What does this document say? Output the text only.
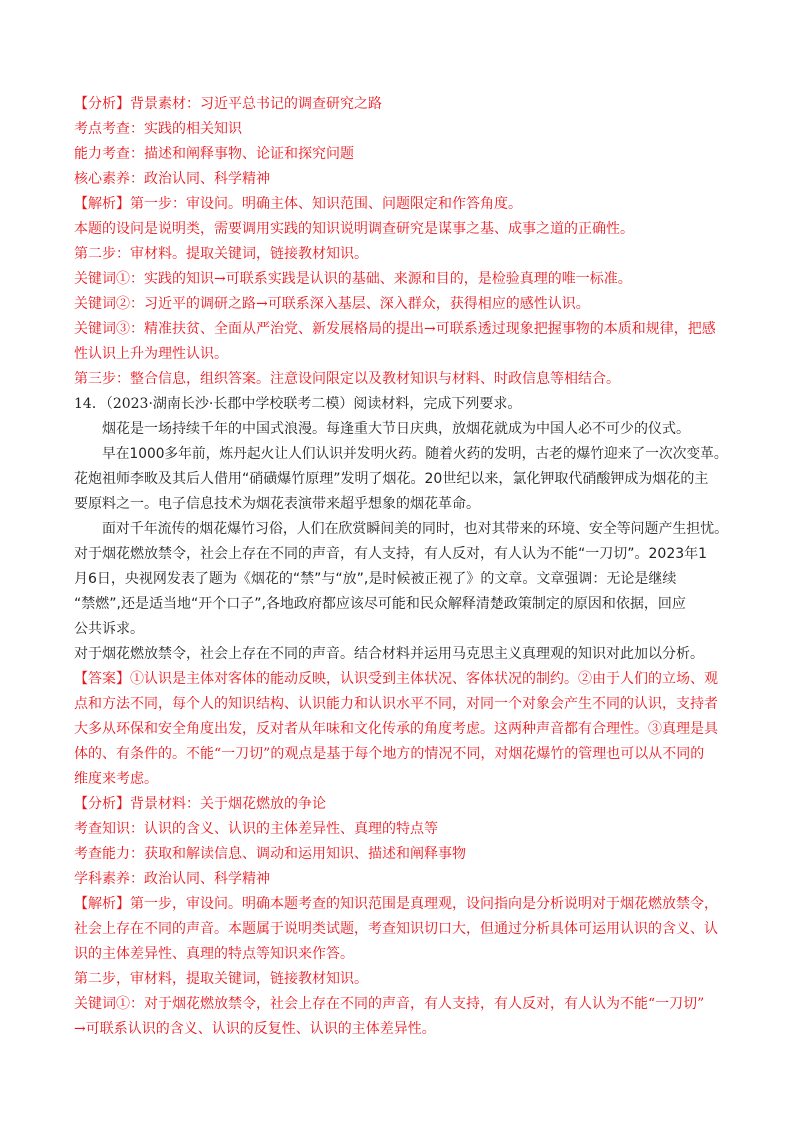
【分析】背景素材：习近平总书记的调查研究之路
考点考查：实践的相关知识
能力考查：描述和阐释事物、论证和探究问题
核心素养：政治认同、科学精神
【解析】第一步：审设问。明确主体、知识范围、问题限定和作答角度。
本题的设问是说明类，需要调用实践的知识说明调查研究是谋事之基、成事之道的正确性。
第二步：审材料。提取关键词，链接教材知识。
关键词①：实践的知识→可联系实践是认识的基础、来源和目的，是检验真理的唯一标准。
关键词②：习近平的调研之路→可联系深入基层、深入群众，获得相应的感性认识。
关键词③：精准扶贫、全面从严治党、新发展格局的提出→可联系透过现象把握事物的本质和规律，把感
性认识上升为理性认识。
第三步：整合信息，组织答案。注意设问限定以及教材知识与材料、时政信息等相结合。
14．（2023·湖南长沙·长郡中学校联考二模）阅读材料，完成下列要求。
烟花是一场持续千年的中国式浪漫。每逢重大节日庆典，放烟花就成为中国人必不可少的仪式。
早在1000多年前，炼丹起火让人们认识并发明火药。随着火药的发明，古老的爆竹迎来了一次次变革。
花炮祖师李畋及其后人借用“硝磺爆竹原理”发明了烟花。20世纪以来，氯化钾取代硝酸钾成为烟花的主
要原料之一。电子信息技术为烟花表演带来超乎想象的烟花革命。
面对千年流传的烟花爆竹习俗，人们在欣赏瞬间美的同时，也对其带来的环境、安全等问题产生担忧。
对于烟花燃放禁令，社会上存在不同的声音，有人支持，有人反对，有人认为不能“一刀切”。2023年1
月6日，央视网发表了题为《烟花的“禁”与“放”,是时候被正视了》的文章。文章强调：无论是继续
“禁燃”,还是适当地“开个口子”,各地政府都应该尽可能和民众解释清楚政策制定的原因和依据，回应
公共诉求。
对于烟花燃放禁令，社会上存在不同的声音。结合材料并运用马克思主义真理观的知识对此加以分析。
【答案】①认识是主体对客体的能动反映，认识受到主体状况、客体状况的制约。②由于人们的立场、观
点和方法不同，每个人的知识结构、认识能力和认识水平不同，对同一个对象会产生不同的认识，支持者
大多从环保和安全角度出发，反对者从年味和文化传承的角度考虑。这两种声音都有合理性。③真理是具
体的、有条件的。不能“一刀切”的观点是基于每个地方的情况不同，对烟花爆竹的管理也可以从不同的
维度来考虑。
【分析】背景材料：关于烟花燃放的争论
考查知识：认识的含义、认识的主体差异性、真理的特点等
考查能力：获取和解读信息、调动和运用知识、描述和阐释事物
学科素养：政治认同、科学精神
【解析】第一步，审设问。明确本题考查的知识范围是真理观，设问指向是分析说明对于烟花燃放禁令，
社会上存在不同的声音。本题属于说明类试题，考查知识切口大，但通过分析具体可运用认识的含义、认
识的主体差异性、真理的特点等知识来作答。
第二步，审材料，提取关键词，链接教材知识。
关键词①：对于烟花燃放禁令，社会上存在不同的声音，有人支持，有人反对，有人认为不能“一刀切”
→可联系认识的含义、认识的反复性、认识的主体差异性。
